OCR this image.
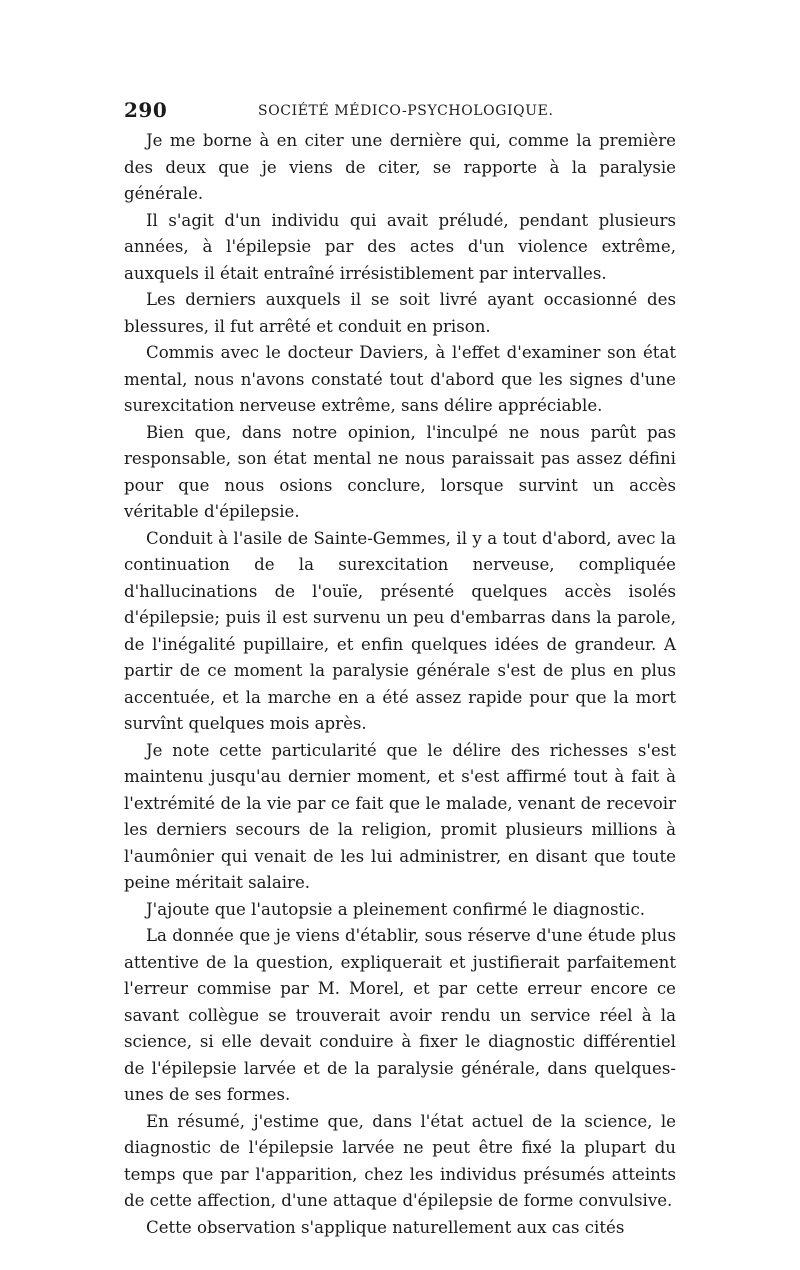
290	SOCIÉTÉ MÉDICO-PSYCHOLOGIQUE.

Je me borne à en citer une dernière qui, comme la première des deux que je viens de citer, se rapporte à la paralysie générale.

Il s'agit d'un individu qui avait préludé, pendant plusieurs années, à l'épilepsie par des actes d'un violence extrême, auxquels il était entraîné irrésistiblement par intervalles.

Les derniers auxquels il se soit livré ayant occasionné des blessures, il fut arrêté et conduit en prison.

Commis avec le docteur Daviers, à l'effet d'examiner son état mental, nous n'avons constaté tout d'abord que les signes d'une surexcitation nerveuse extrême, sans délire appréciable.

Bien que, dans notre opinion, l'inculpé ne nous parût pas responsable, son état mental ne nous paraissait pas assez défini pour que nous osions conclure, lorsque survint un accès véritable d'épilepsie.

Conduit à l'asile de Sainte-Gemmes, il y a tout d'abord, avec la continuation de la surexcitation nerveuse, compliquée d'hallucinations de l'ouïe, présenté quelques accès isolés d'épilepsie; puis il est survenu un peu d'embarras dans la parole, de l'inégalité pupillaire, et enfin quelques idées de grandeur. A partir de ce moment la paralysie générale s'est de plus en plus accentuée, et la marche en a été assez rapide pour que la mort survînt quelques mois après.

Je note cette particularité que le délire des richesses s'est maintenu jusqu'au dernier moment, et s'est affirmé tout à fait à l'extrémité de la vie par ce fait que le malade, venant de recevoir les derniers secours de la religion, promit plusieurs millions à l'aumônier qui venait de les lui administrer, en disant que toute peine méritait salaire.

J'ajoute que l'autopsie a pleinement confirmé le diagnostic.

La donnée que je viens d'établir, sous réserve d'une étude plus attentive de la question, expliquerait et justifierait parfaitement l'erreur commise par M. Morel, et par cette erreur encore ce savant collègue se trouverait avoir rendu un service réel à la science, si elle devait conduire à fixer le diagnostic différentiel de l'épilepsie larvée et de la paralysie générale, dans quelques-unes de ses formes.

En résumé, j'estime que, dans l'état actuel de la science, le diagnostic de l'épilepsie larvée ne peut être fixé la plupart du temps que par l'apparition, chez les individus présumés atteints de cette affection, d'une attaque d'épilepsie de forme convulsive.

Cette observation s'applique naturellement aux cas cités
